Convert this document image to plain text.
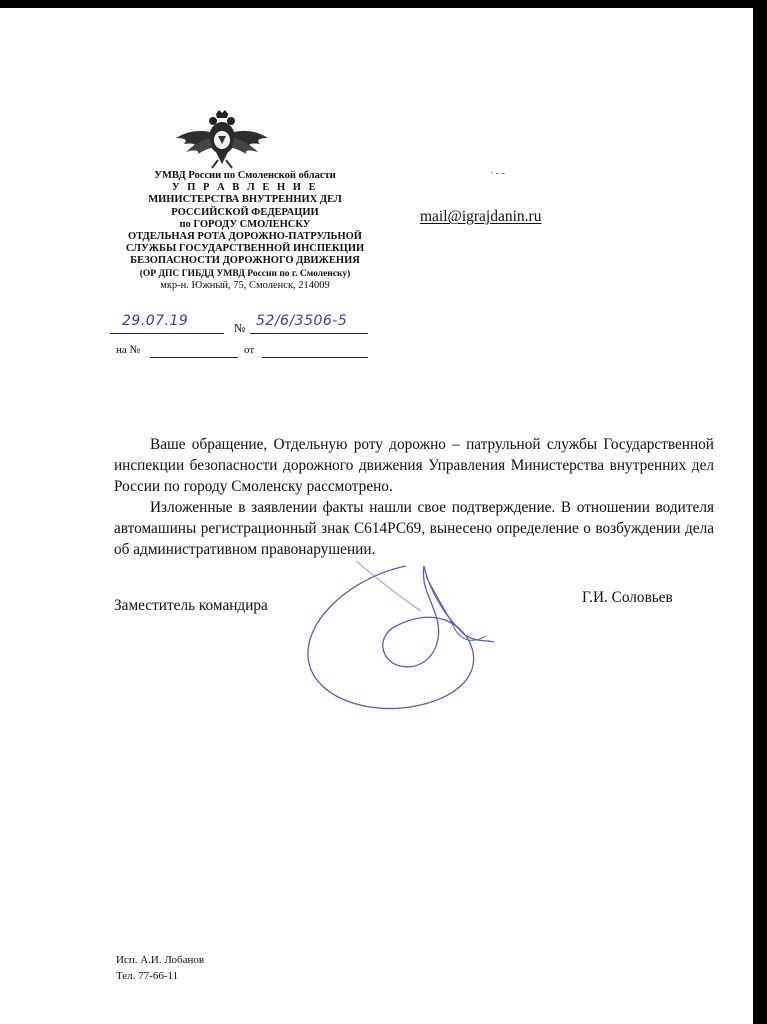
УМВД России по Смоленской области
У П Р А В Л Е Н И Е
МИНИСТЕРСТВА ВНУТРЕННИХ ДЕЛ
РОССИЙСКОЙ ФЕДЕРАЦИИ
по ГОРОДУ СМОЛЕНСКУ
ОТДЕЛЬНАЯ РОТА ДОРОЖНО-ПАТРУЛЬНОЙ
СЛУЖБЫ ГОСУДАРСТВЕННОЙ ИНСПЕКЦИИ
БЕЗОПАСНОСТИ ДОРОЖНОГО ДВИЖЕНИЯ
(ОР ДПС ГИБДД УМВД России по г. Смоленску)
мкр-н. Южный, 75, Смоленск, 214009
29.07.19	№ 52/6/3506-5
на №	от
· - -
mail@igrajdanin.ru

Ваше обращение, Отдельную роту дорожно – патрульной службы Государственной инспекции безопасности дорожного движения Управления Министерства внутренних дел России по городу Смоленску рассмотрено.

Изложенные в заявлении факты нашли свое подтверждение. В отношении водителя автомашины регистрационный знак С614РС69, вынесено определение о возбуждении дела об административном правонарушении.

Заместитель командира	Г.И. Соловьев
Исп. А.И. Лобанов
Тел. 77-66-11
